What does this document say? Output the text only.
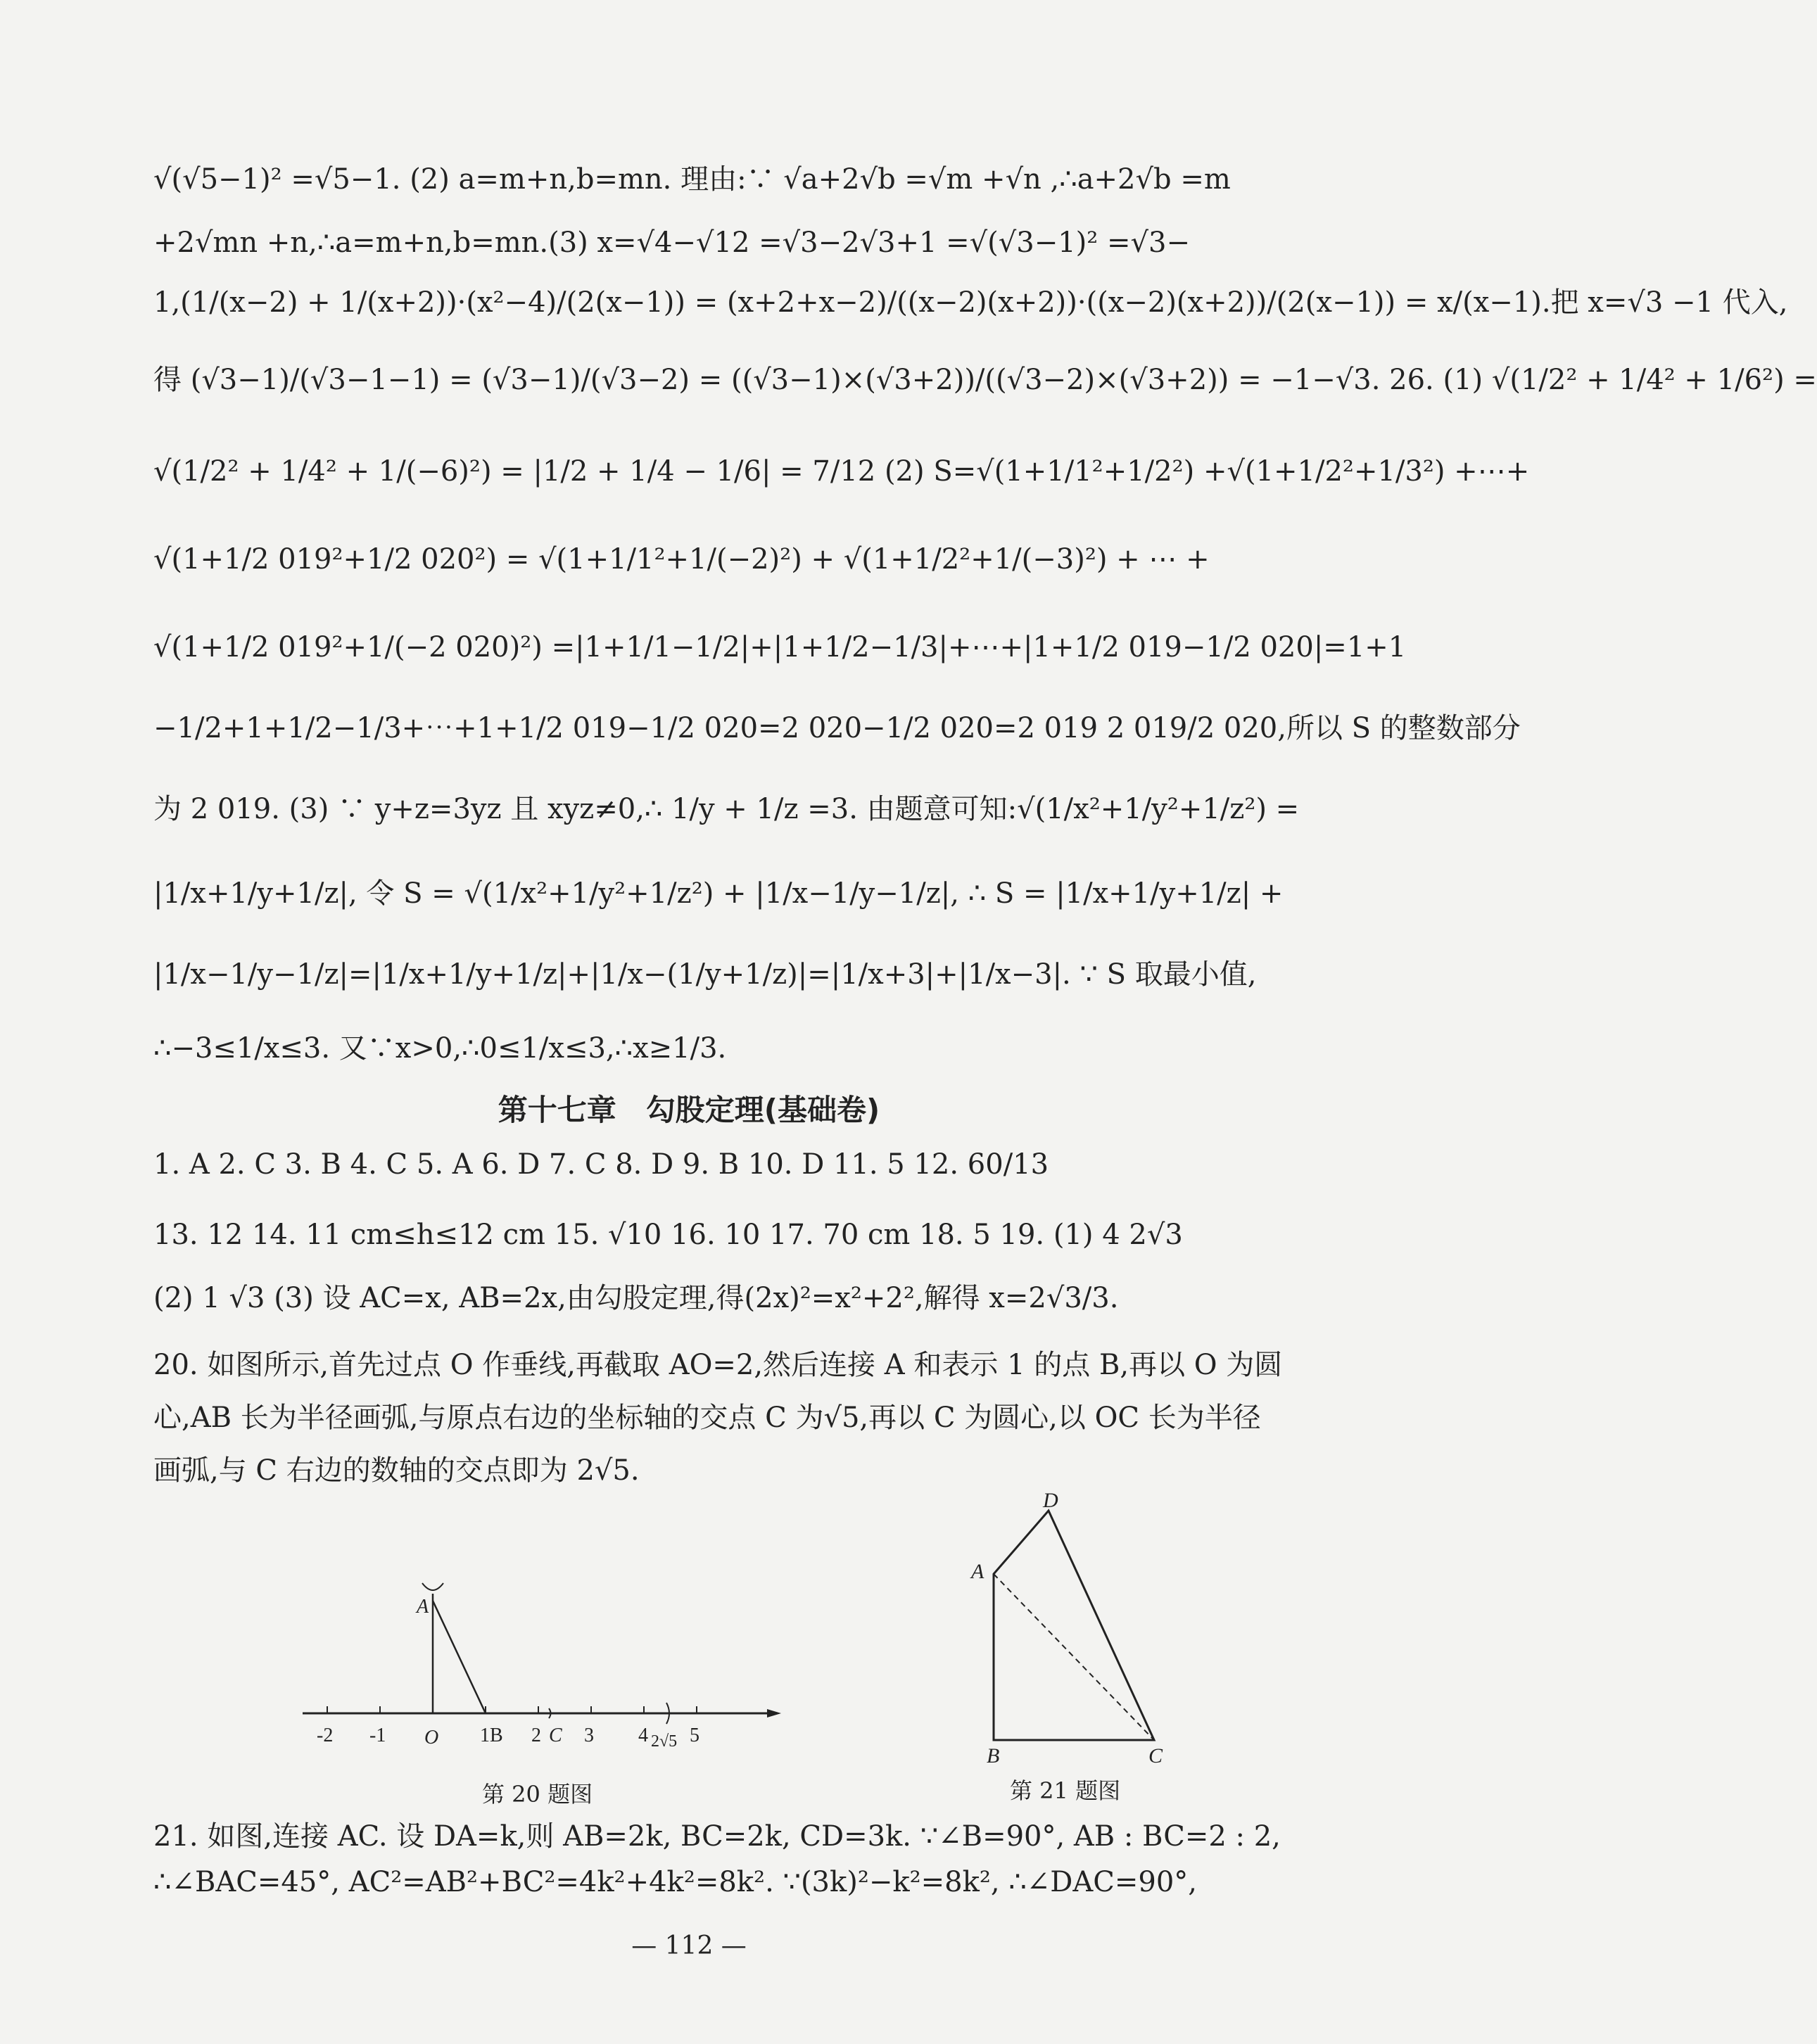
√(√5−1)² =√5−1. (2) a=m+n,b=mn. 理由:∵ √a+2√b =√m +√n ,∴a+2√b =m
+2√mn +n,∴a=m+n,b=mn.(3) x=√4−√12 =√3−2√3+1 =√(√3−1)² =√3−
1,(1/(x−2) + 1/(x+2))·(x²−4)/(2(x−1)) = (x+2+x−2)/((x−2)(x+2))·((x−2)(x+2))/(2(x−1)) = x/(x−1).把 x=√3 −1 代入,
得 (√3−1)/(√3−1−1) = (√3−1)/(√3−2) = ((√3−1)×(√3+2))/((√3−2)×(√3+2)) = −1−√3. 26. (1) √(1/2² + 1/4² + 1/6²) =
√(1/2² + 1/4² + 1/(−6)²) = |1/2 + 1/4 − 1/6| = 7/12 (2) S=√(1+1/1²+1/2²) +√(1+1/2²+1/3²) +⋯+
√(1+1/2 019²+1/2 020²) = √(1+1/1²+1/(−2)²) + √(1+1/2²+1/(−3)²) + ⋯ +
√(1+1/2 019²+1/(−2 020)²) =|1+1/1−1/2|+|1+1/2−1/3|+⋯+|1+1/2 019−1/2 020|=1+1
−1/2+1+1/2−1/3+⋯+1+1/2 019−1/2 020=2 020−1/2 020=2 019 2 019/2 020,所以 S 的整数部分
为 2 019. (3) ∵ y+z=3yz 且 xyz≠0,∴ 1/y + 1/z =3. 由题意可知:√(1/x²+1/y²+1/z²) =
|1/x+1/y+1/z|, 令 S = √(1/x²+1/y²+1/z²) + |1/x−1/y−1/z|, ∴ S = |1/x+1/y+1/z| +
|1/x−1/y−1/z|=|1/x+1/y+1/z|+|1/x−(1/y+1/z)|=|1/x+3|+|1/x−3|. ∵ S 取最小值,
∴−3≤1/x≤3. 又∵x>0,∴0≤1/x≤3,∴x≥1/3.
第十七章　勾股定理(基础卷)
1. A 2. C 3. B 4. C 5. A 6. D 7. C 8. D 9. B 10. D 11. 5 12. 60/13
13. 12 14. 11 cm≤h≤12 cm 15. √10 16. 10 17. 70 cm 18. 5 19. (1) 4 2√3
(2) 1 √3 (3) 设 AC=x, AB=2x,由勾股定理,得(2x)²=x²+2²,解得 x=2√3/3.
20. 如图所示,首先过点 O 作垂线,再截取 AO=2,然后连接 A 和表示 1 的点 B,再以 O 为圆
心,AB 长为半径画弧,与原点右边的坐标轴的交点 C 为√5,再以 C 为圆心,以 OC 长为半径
画弧,与 C 右边的数轴的交点即为 2√5.
-2 -1 O 1B 2 C 3 4 2√5 5
A
第 20 题图
A
D
B	C
第 21 题图
21. 如图,连接 AC. 设 DA=k,则 AB=2k, BC=2k, CD=3k. ∵∠B=90°, AB : BC=2 : 2,
∴∠BAC=45°, AC²=AB²+BC²=4k²+4k²=8k². ∵(3k)²−k²=8k², ∴∠DAC=90°,
— 112 —
